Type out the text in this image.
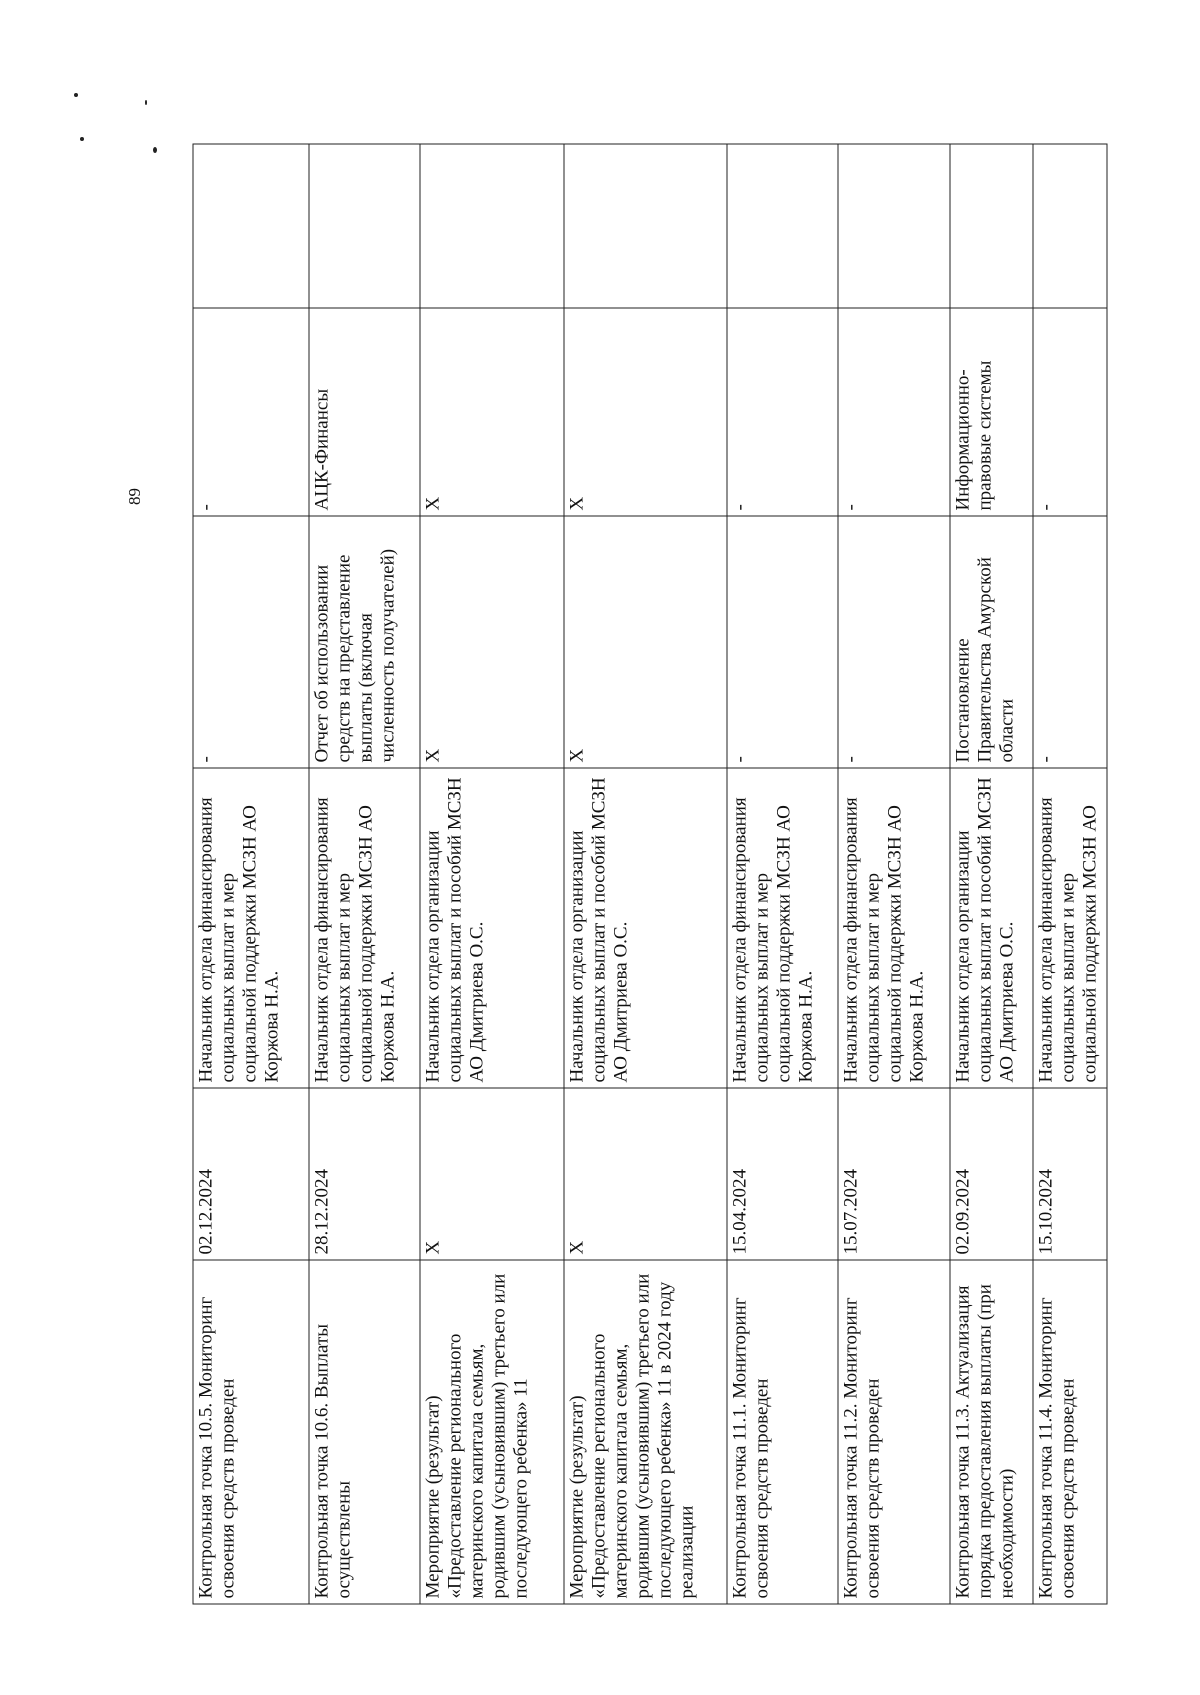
89
Контрольная точка 10.5. Мониторинг освоения средств проведен	02.12.2024	Начальник отдела финансирования социальных выплат и мер социальной поддержки МСЗН АО Коржова Н.А.	-	-	
Контрольная точка 10.6. Выплаты осуществлены	28.12.2024	Начальник отдела финансирования социальных выплат и мер социальной поддержки МСЗН АО Коржова Н.А.	Отчет об использовании средств на представление выплаты (включая численность получателей)	АЦК-Финансы	
Мероприятие (результат) «Предоставление регионального материнского капитала семьям, родившим (усыновившим) третьего или последующего ребенка» 11	X	Начальник отдела организации социальных выплат и пособий МСЗН АО Дмитриева О.С.	X	X	
Мероприятие (результат) «Предоставление регионального материнского капитала семьям, родившим (усыновившим) третьего или последующего ребенка» 11 в 2024 году реализации	X	Начальник отдела организации социальных выплат и пособий МСЗН АО Дмитриева О.С.	X	X	
Контрольная точка 11.1. Мониторинг освоения средств проведен	15.04.2024	Начальник отдела финансирования социальных выплат и мер социальной поддержки МСЗН АО Коржова Н.А.	-	-	
Контрольная точка 11.2. Мониторинг освоения средств проведен	15.07.2024	Начальник отдела финансирования социальных выплат и мер социальной поддержки МСЗН АО Коржова Н.А.	-	-	
Контрольная точка 11.3. Актуализация порядка предоставления выплаты (при необходимости)	02.09.2024	Начальник отдела организации социальных выплат и пособий МСЗН АО Дмитриева О.С.	Постановление Правительства Амурской области	Информационно-правовые системы	
Контрольная точка 11.4. Мониторинг освоения средств проведен	15.10.2024	Начальник отдела финансирования социальных выплат и мер социальной поддержки МСЗН АО	-	-	
